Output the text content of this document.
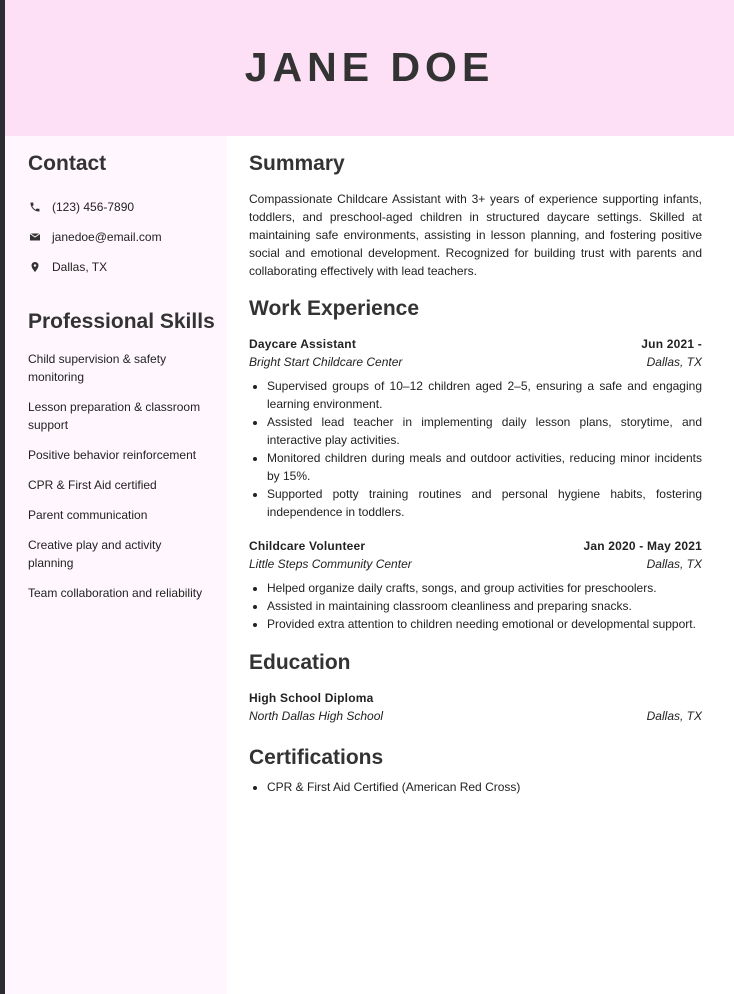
JANE DOE
Contact
(123) 456-7890
janedoe@email.com
Dallas, TX
Professional Skills
Child supervision & safety monitoring
Lesson preparation & classroom support
Positive behavior reinforcement
CPR & First Aid certified
Parent communication
Creative play and activity planning
Team collaboration and reliability
Summary

Compassionate Childcare Assistant with 3+ years of experience supporting infants, toddlers, and preschool-aged children in structured daycare settings. Skilled at maintaining safe environments, assisting in lesson planning, and fostering positive social and emotional development. Recognized for building trust with parents and collaborating effectively with lead teachers.

Work Experience
Daycare Assistant	Jun 2021 -
Bright Start Childcare Center	Dallas, TX
• Supervised groups of 10–12 children aged 2–5, ensuring a safe and engaging learning environment.
• Assisted lead teacher in implementing daily lesson plans, storytime, and interactive play activities.
• Monitored children during meals and outdoor activities, reducing minor incidents by 15%.
• Supported potty training routines and personal hygiene habits, fostering independence in toddlers.
Childcare Volunteer	Jan 2020 - May 2021
Little Steps Community Center	Dallas, TX
• Helped organize daily crafts, songs, and group activities for preschoolers.
• Assisted in maintaining classroom cleanliness and preparing snacks.
• Provided extra attention to children needing emotional or developmental support.
Education
High School Diploma
North Dallas High School	Dallas, TX
Certifications
• CPR & First Aid Certified (American Red Cross)
